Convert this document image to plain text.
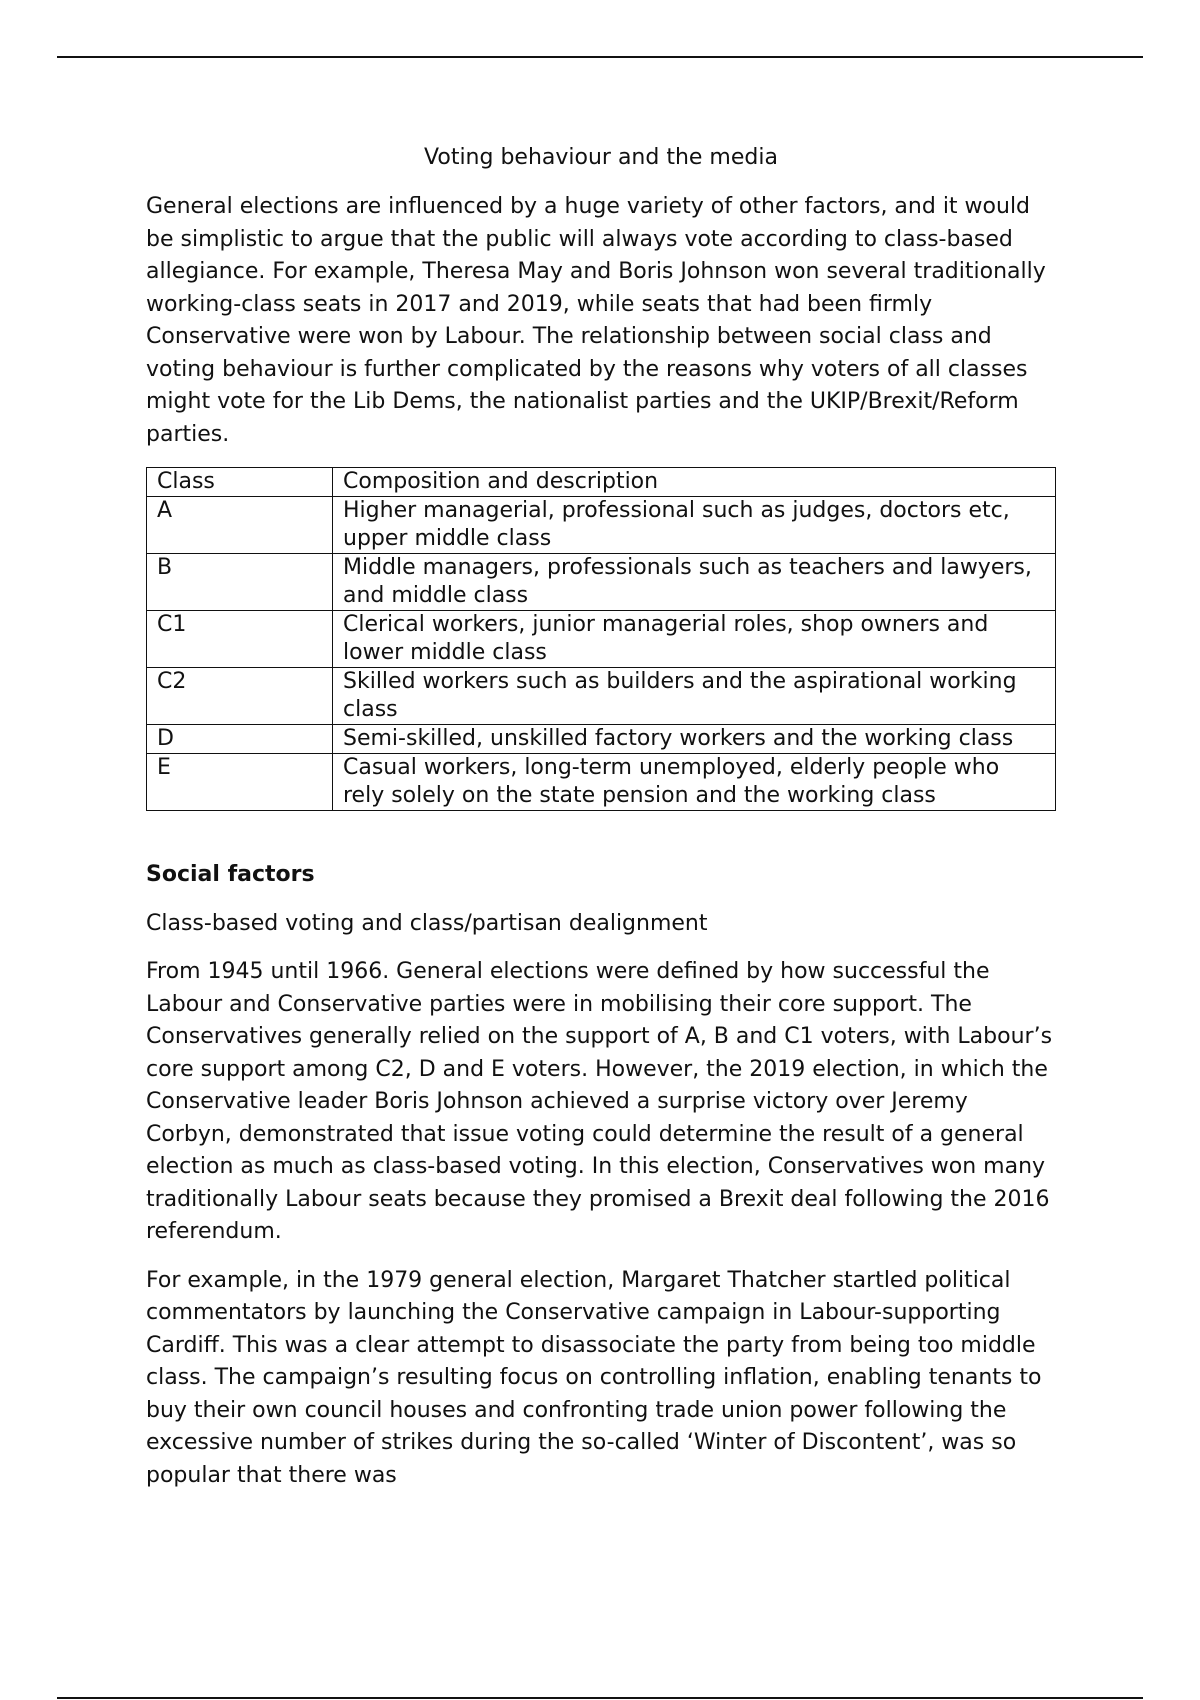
Voting behaviour and the media

General elections are influenced by a huge variety of other factors, and it would be simplistic to argue that the public will always vote according to class-based allegiance. For example, Theresa May and Boris Johnson won several traditionally working-class seats in 2017 and 2019, while seats that had been firmly Conservative were won by Labour. The relationship between social class and voting behaviour is further complicated by the reasons why voters of all classes might vote for the Lib Dems, the nationalist parties and the UKIP/Brexit/Reform parties.

Class	Composition and description
A	Higher managerial, professional such as judges, doctors etc, upper middle class
B	Middle managers, professionals such as teachers and lawyers, and middle class
C1	Clerical workers, junior managerial roles, shop owners and lower middle class
C2	Skilled workers such as builders and the aspirational working class
D	Semi-skilled, unskilled factory workers and the working class
E	Casual workers, long-term unemployed, elderly people who rely solely on the state pension and the working class
Social factors
Class-based voting and class/partisan dealignment

From 1945 until 1966. General elections were defined by how successful the Labour and Conservative parties were in mobilising their core support. The Conservatives generally relied on the support of A, B and C1 voters, with Labour’s core support among C2, D and E voters. However, the 2019 election, in which the Conservative leader Boris Johnson achieved a surprise victory over Jeremy Corbyn, demonstrated that issue voting could determine the result of a general election as much as class-based voting. In this election, Conservatives won many traditionally Labour seats because they promised a Brexit deal following the 2016 referendum.

For example, in the 1979 general election, Margaret Thatcher startled political commentators by launching the Conservative campaign in Labour-supporting Cardiff. This was a clear attempt to disassociate the party from being too middle class. The campaign’s resulting focus on controlling inflation, enabling tenants to buy their own council houses and confronting trade union power following the excessive number of strikes during the so-called ‘Winter of Discontent’, was so popular that there was
